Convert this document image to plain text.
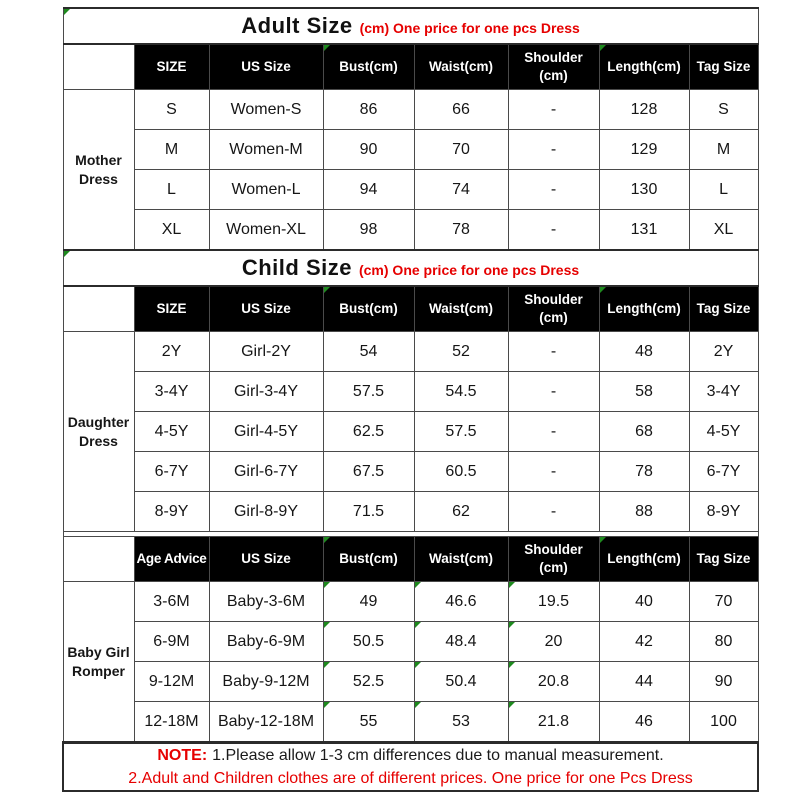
Adult Size (cm) One price for one pcs Dress							
	SIZE	US Size	Bust(cm)	Waist(cm)	Shoulder (cm)	Length(cm)	Tag Size
Mother Dress	S	Women-S	86	66	-	128	S
	M	Women-M	90	70	-	129	M
	L	Women-L	94	74	-	130	L
	XL	Women-XL	98	78	-	131	XL
Child Size (cm) One price for one pcs Dress							
	SIZE	US Size	Bust(cm)	Waist(cm)	Shoulder (cm)	Length(cm)	Tag Size
Daughter Dress	2Y	Girl-2Y	54	52	-	48	2Y
	3-4Y	Girl-3-4Y	57.5	54.5	-	58	3-4Y
	4-5Y	Girl-4-5Y	62.5	57.5	-	68	4-5Y
	6-7Y	Girl-6-7Y	67.5	60.5	-	78	6-7Y
	8-9Y	Girl-8-9Y	71.5	62	-	88	8-9Y

	Age Advice	US Size	Bust(cm)	Waist(cm)	Shoulder (cm)	Length(cm)	Tag Size
Baby Girl Romper	3-6M	Baby-3-6M	49	46.6	19.5	40	70
	6-9M	Baby-6-9M	50.5	48.4	20	42	80
	9-12M	Baby-9-12M	52.5	50.4	20.8	44	90
	12-18M	Baby-12-18M	55	53	21.8	46	100

NOTE: 1.Please allow 1-3 cm differences due to manual measurement.
2.Adult and Children clothes are of different prices. One price for one Pcs Dress							
